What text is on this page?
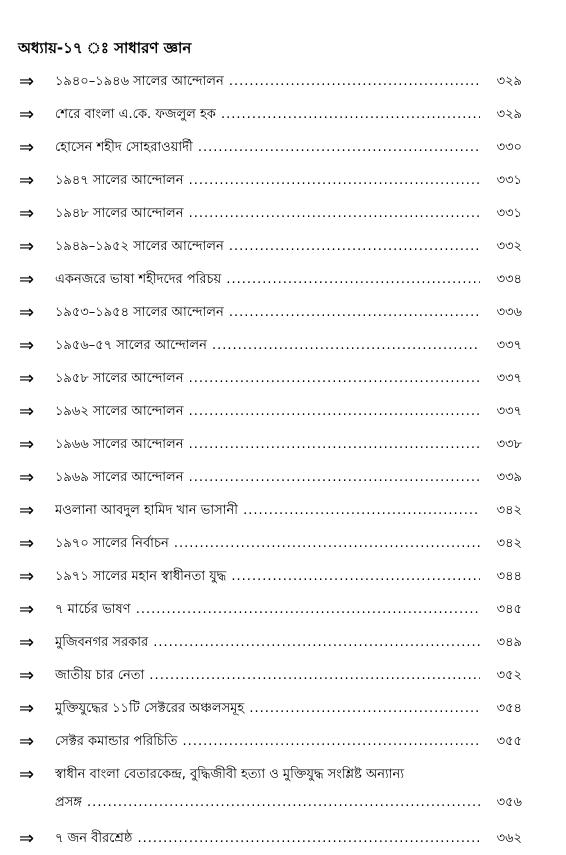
অধ্যায়-১৭ ঃ সাধারণ জ্ঞান
⇒ ১৯৪০–১৯৪৬ সালের আন্দোলন .....	৩২৯
⇒ শেরে বাংলা এ.কে. ফজলুল হক .....	৩২৯
⇒ হোসেন শহীদ সোহরাওয়ার্দী .....	৩৩০
⇒ ১৯৪৭ সালের আন্দোলন .....	৩৩১
⇒ ১৯৪৮ সালের আন্দোলন .....	৩৩১
⇒ ১৯৪৯–১৯৫২ সালের আন্দোলন .....	৩৩২
⇒ একনজরে ভাষা শহীদদের পরিচয় .....	৩৩৪
⇒ ১৯৫৩–১৯৫৪ সালের আন্দোলন .....	৩৩৬
⇒ ১৯৫৬–৫৭ সালের আন্দোলন .....	৩৩৭
⇒ ১৯৫৮ সালের আন্দোলন .....	৩৩৭
⇒ ১৯৬২ সালের আন্দোলন .....	৩৩৭
⇒ ১৯৬৬ সালের আন্দোলন .....	৩৩৮
⇒ ১৯৬৯ সালের আন্দোলন .....	৩৩৯
⇒ মওলানা আবদুল হামিদ খান ভাসানী .....	৩৪২
⇒ ১৯৭০ সালের নির্বাচন .....	৩৪২
⇒ ১৯৭১ সালের মহান স্বাধীনতা যুদ্ধ .....	৩৪৪
⇒ ৭ মার্চের ভাষণ .....	৩৪৫
⇒ মুজিবনগর সরকার .....	৩৪৯
⇒ জাতীয় চার নেতা .....	৩৫২
⇒ মুক্তিযুদ্ধের ১১টি সেক্টরের অঞ্চলসমূহ .....	৩৫৪
⇒ সেক্টর কমান্ডার পরিচিতি .....	৩৫৫
⇒ স্বাধীন বাংলা বেতারকেন্দ্র, বুদ্ধিজীবী হত্যা ও মুক্তিযুদ্ধ সংশ্লিষ্ট অন্যান্য
প্রসঙ্গ .....	৩৫৬
⇒ ৭ জন বীরশ্রেষ্ঠ .....	৩৬২
